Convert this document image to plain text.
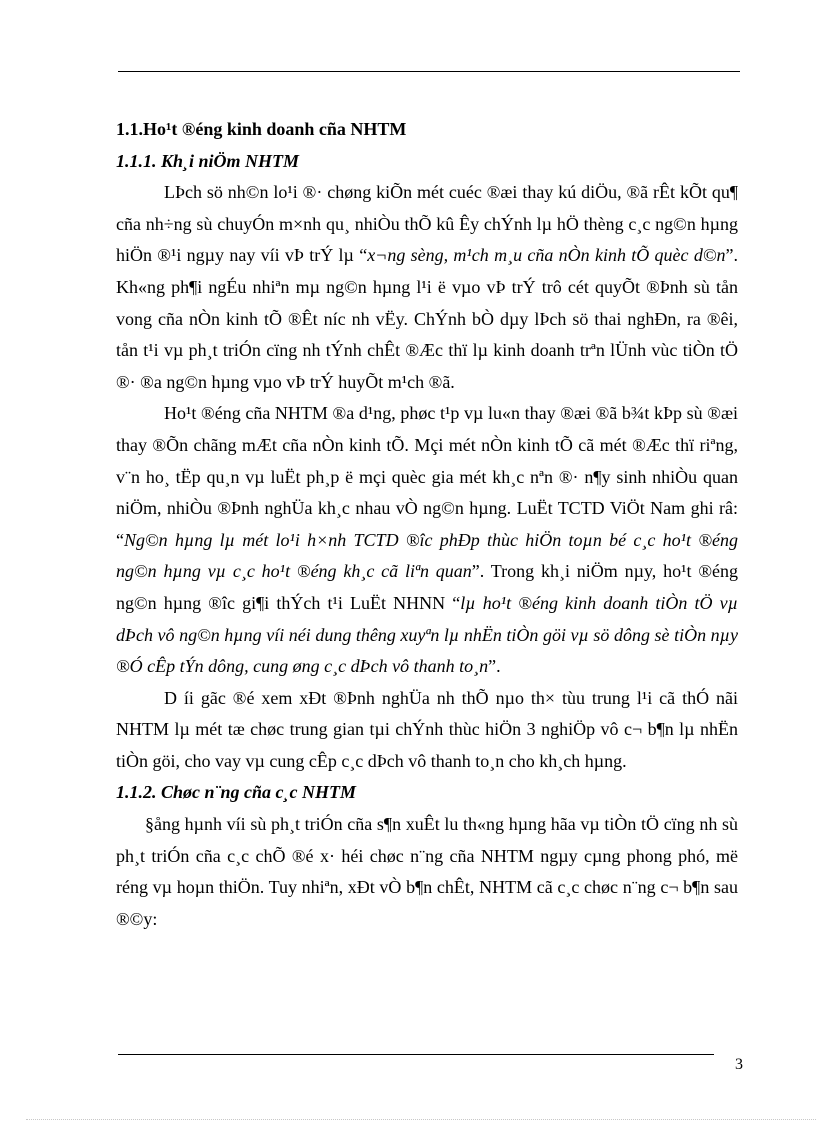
1.1.Ho¹t ®éng kinh doanh cña NHTM

1.1.1. Kh¸i niÖm NHTM

LÞch sö nh©n lo¹i ®· chøng kiÕn mét cuéc ®æi thay kú diÖu, ®ã rÊt kÕt qu¶ cña nh÷ng sù chuyÓn m×nh qu¸ nhiÒu thÕ kû Êy chÝnh lµ hÖ thèng c¸c ng©n hµng hiÖn ®¹i ngµy nay víi vÞ trÝ lµ “x¬ng sèng, m¹ch m¸u cña nÒn kinh tÕ quèc d©n”. Kh«ng ph¶i ngÉu nhiªn mµ ng©n hµng l¹i ë vµo vÞ trÝ trô cét quyÕt ®Þnh sù tån vong cña nÒn kinh tÕ ®Êt níc nh vËy. ChÝnh bÒ dµy lÞch sö thai nghÐn, ra ®êi, tån t¹i vµ ph¸t triÓn cïng nh tÝnh chÊt ®Æc thï lµ kinh doanh trªn lÜnh vùc tiÒn tÖ ®· ®a ng©n hµng vµo vÞ trÝ huyÕt m¹ch ®ã.

Ho¹t ®éng cña NHTM ®a d¹ng, phøc t¹p vµ lu«n thay ®æi ®ã b¾t kÞp sù ®æi thay ®Õn chãng mÆt cña nÒn kinh tÕ. Mçi mét nÒn kinh tÕ cã mét ®Æc thï riªng, v¨n ho¸ tËp qu¸n vµ luËt ph¸p ë mçi quèc gia mét kh¸c nªn ®· n¶y sinh nhiÒu quan niÖm, nhiÒu ®Þnh nghÜa kh¸c nhau vÒ ng©n hµng. LuËt TCTD ViÖt Nam ghi râ: “Ng©n hµng lµ mét lo¹i h×nh TCTD ®îc phÐp thùc hiÖn toµn bé c¸c ho¹t ®éng ng©n hµng vµ c¸c ho¹t ®éng kh¸c cã liªn quan”. Trong kh¸i niÖm nµy, ho¹t ®éng ng©n hµng ®îc gi¶i thÝch t¹i LuËt NHNN “lµ ho¹t ®éng kinh doanh tiÒn tÖ vµ dÞch vô ng©n hµng víi néi dung thêng xuyªn lµ nhËn tiÒn göi vµ sö dông sè tiÒn nµy ®Ó cÊp tÝn dông, cung øng c¸c dÞch vô thanh to¸n”.

D íi gãc ®é xem xÐt ®Þnh nghÜa nh thÕ nµo th× tùu trung l¹i cã thÓ nãi NHTM lµ mét tæ chøc trung gian tµi chÝnh thùc hiÖn 3 nghiÖp vô c¬ b¶n lµ nhËn tiÒn göi, cho vay vµ cung cÊp c¸c dÞch vô thanh to¸n cho kh¸ch hµng.

1.1.2. Chøc n¨ng cña c¸c NHTM

§ång hµnh víi sù ph¸t triÓn cña s¶n xuÊt lu th«ng hµng hãa vµ tiÒn tÖ cïng nh sù ph¸t triÓn cña c¸c chÕ ®é x· héi chøc n¨ng cña NHTM ngµy cµng phong phó, më réng vµ hoµn thiÖn. Tuy nhiªn, xÐt vÒ b¶n chÊt, NHTM cã c¸c chøc n¨ng c¬ b¶n sau ®©y:

3
